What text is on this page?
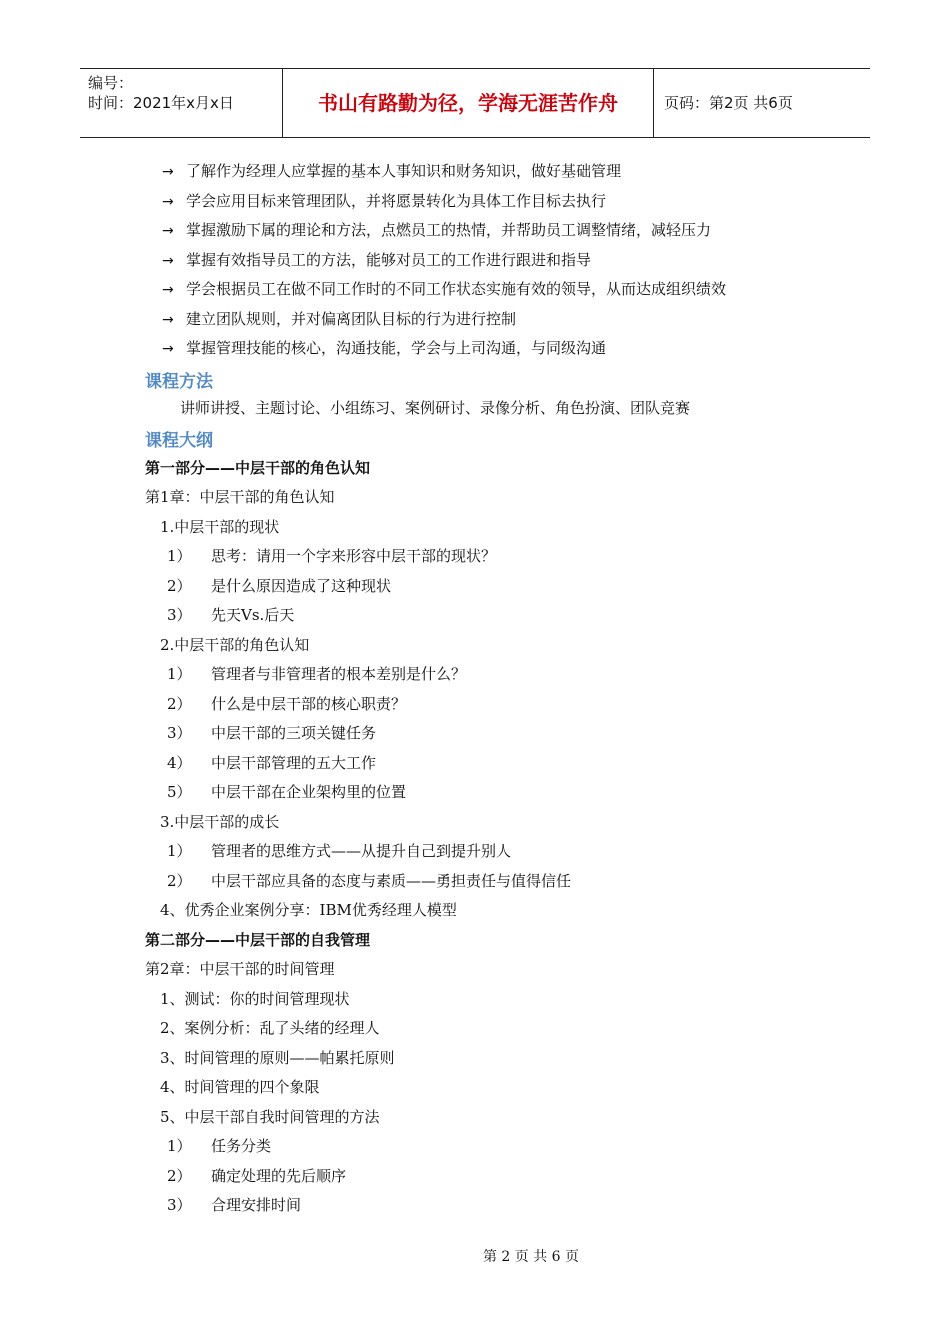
编号：
时间：2021年x月x日	书山有路勤为径，学海无涯苦作舟	页码：第2页 共6页
→ 了解作为经理人应掌握的基本人事知识和财务知识，做好基础管理
→ 学会应用目标来管理团队，并将愿景转化为具体工作目标去执行
→ 掌握激励下属的理论和方法，点燃员工的热情，并帮助员工调整情绪，减轻压力
→ 掌握有效指导员工的方法，能够对员工的工作进行跟进和指导
→ 学会根据员工在做不同工作时的不同工作状态实施有效的领导，从而达成组织绩效
→ 建立团队规则，并对偏离团队目标的行为进行控制
→ 掌握管理技能的核心，沟通技能，学会与上司沟通，与同级沟通
课程方法
讲师讲授、主题讨论、小组练习、案例研讨、录像分析、角色扮演、团队竞赛
课程大纲
第一部分——中层干部的角色认知
第1章：中层干部的角色认知
1.中层干部的现状
1） 思考：请用一个字来形容中层干部的现状？
2） 是什么原因造成了这种现状
3） 先天Vs.后天
2.中层干部的角色认知
1） 管理者与非管理者的根本差别是什么？
2） 什么是中层干部的核心职责？
3） 中层干部的三项关键任务
4） 中层干部管理的五大工作
5） 中层干部在企业架构里的位置
3.中层干部的成长
1） 管理者的思维方式——从提升自己到提升别人
2） 中层干部应具备的态度与素质——勇担责任与值得信任
4、优秀企业案例分享：IBM优秀经理人模型
第二部分——中层干部的自我管理
第2章：中层干部的时间管理
1、测试：你的时间管理现状
2、案例分析：乱了头绪的经理人
3、时间管理的原则——帕累托原则
4、时间管理的四个象限
5、中层干部自我时间管理的方法
1） 任务分类
2） 确定处理的先后顺序
3） 合理安排时间
第 2 页 共 6 页
